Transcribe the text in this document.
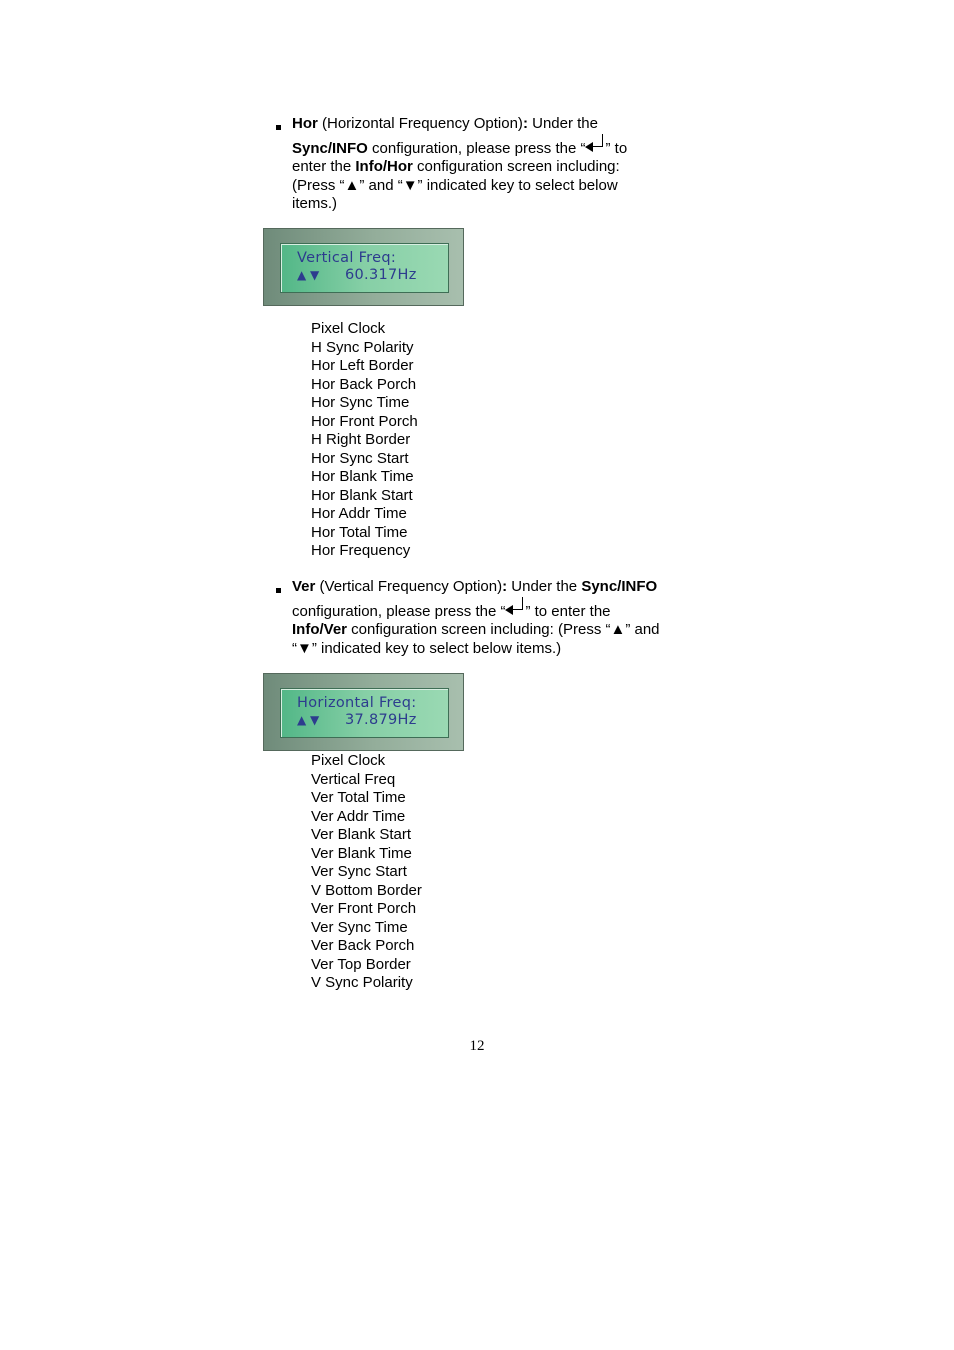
Hor (Horizontal Frequency Option): Under the
Sync/INFO configuration, please press the “ ” to
enter the Info/Hor configuration screen including:
(Press “▲” and “▼” indicated key to select below
items.)
Vertical Freq:
▲ ▼ 60.317Hz
Pixel Clock
H Sync Polarity
Hor Left Border
Hor Back Porch
Hor Sync Time
Hor Front Porch
H Right Border
Hor Sync Start
Hor Blank Time
Hor Blank Start
Hor Addr Time
Hor Total Time
Hor Frequency
Ver (Vertical Frequency Option): Under the Sync/INFO
configuration, please press the “ ” to enter the
Info/Ver configuration screen including: (Press “▲” and
“▼” indicated key to select below items.)
Horizontal Freq:
▲ ▼ 37.879Hz
Pixel Clock
Vertical Freq
Ver Total Time
Ver Addr Time
Ver Blank Start
Ver Blank Time
Ver Sync Start
V Bottom Border
Ver Front Porch
Ver Sync Time
Ver Back Porch
Ver Top Border
V Sync Polarity
12
